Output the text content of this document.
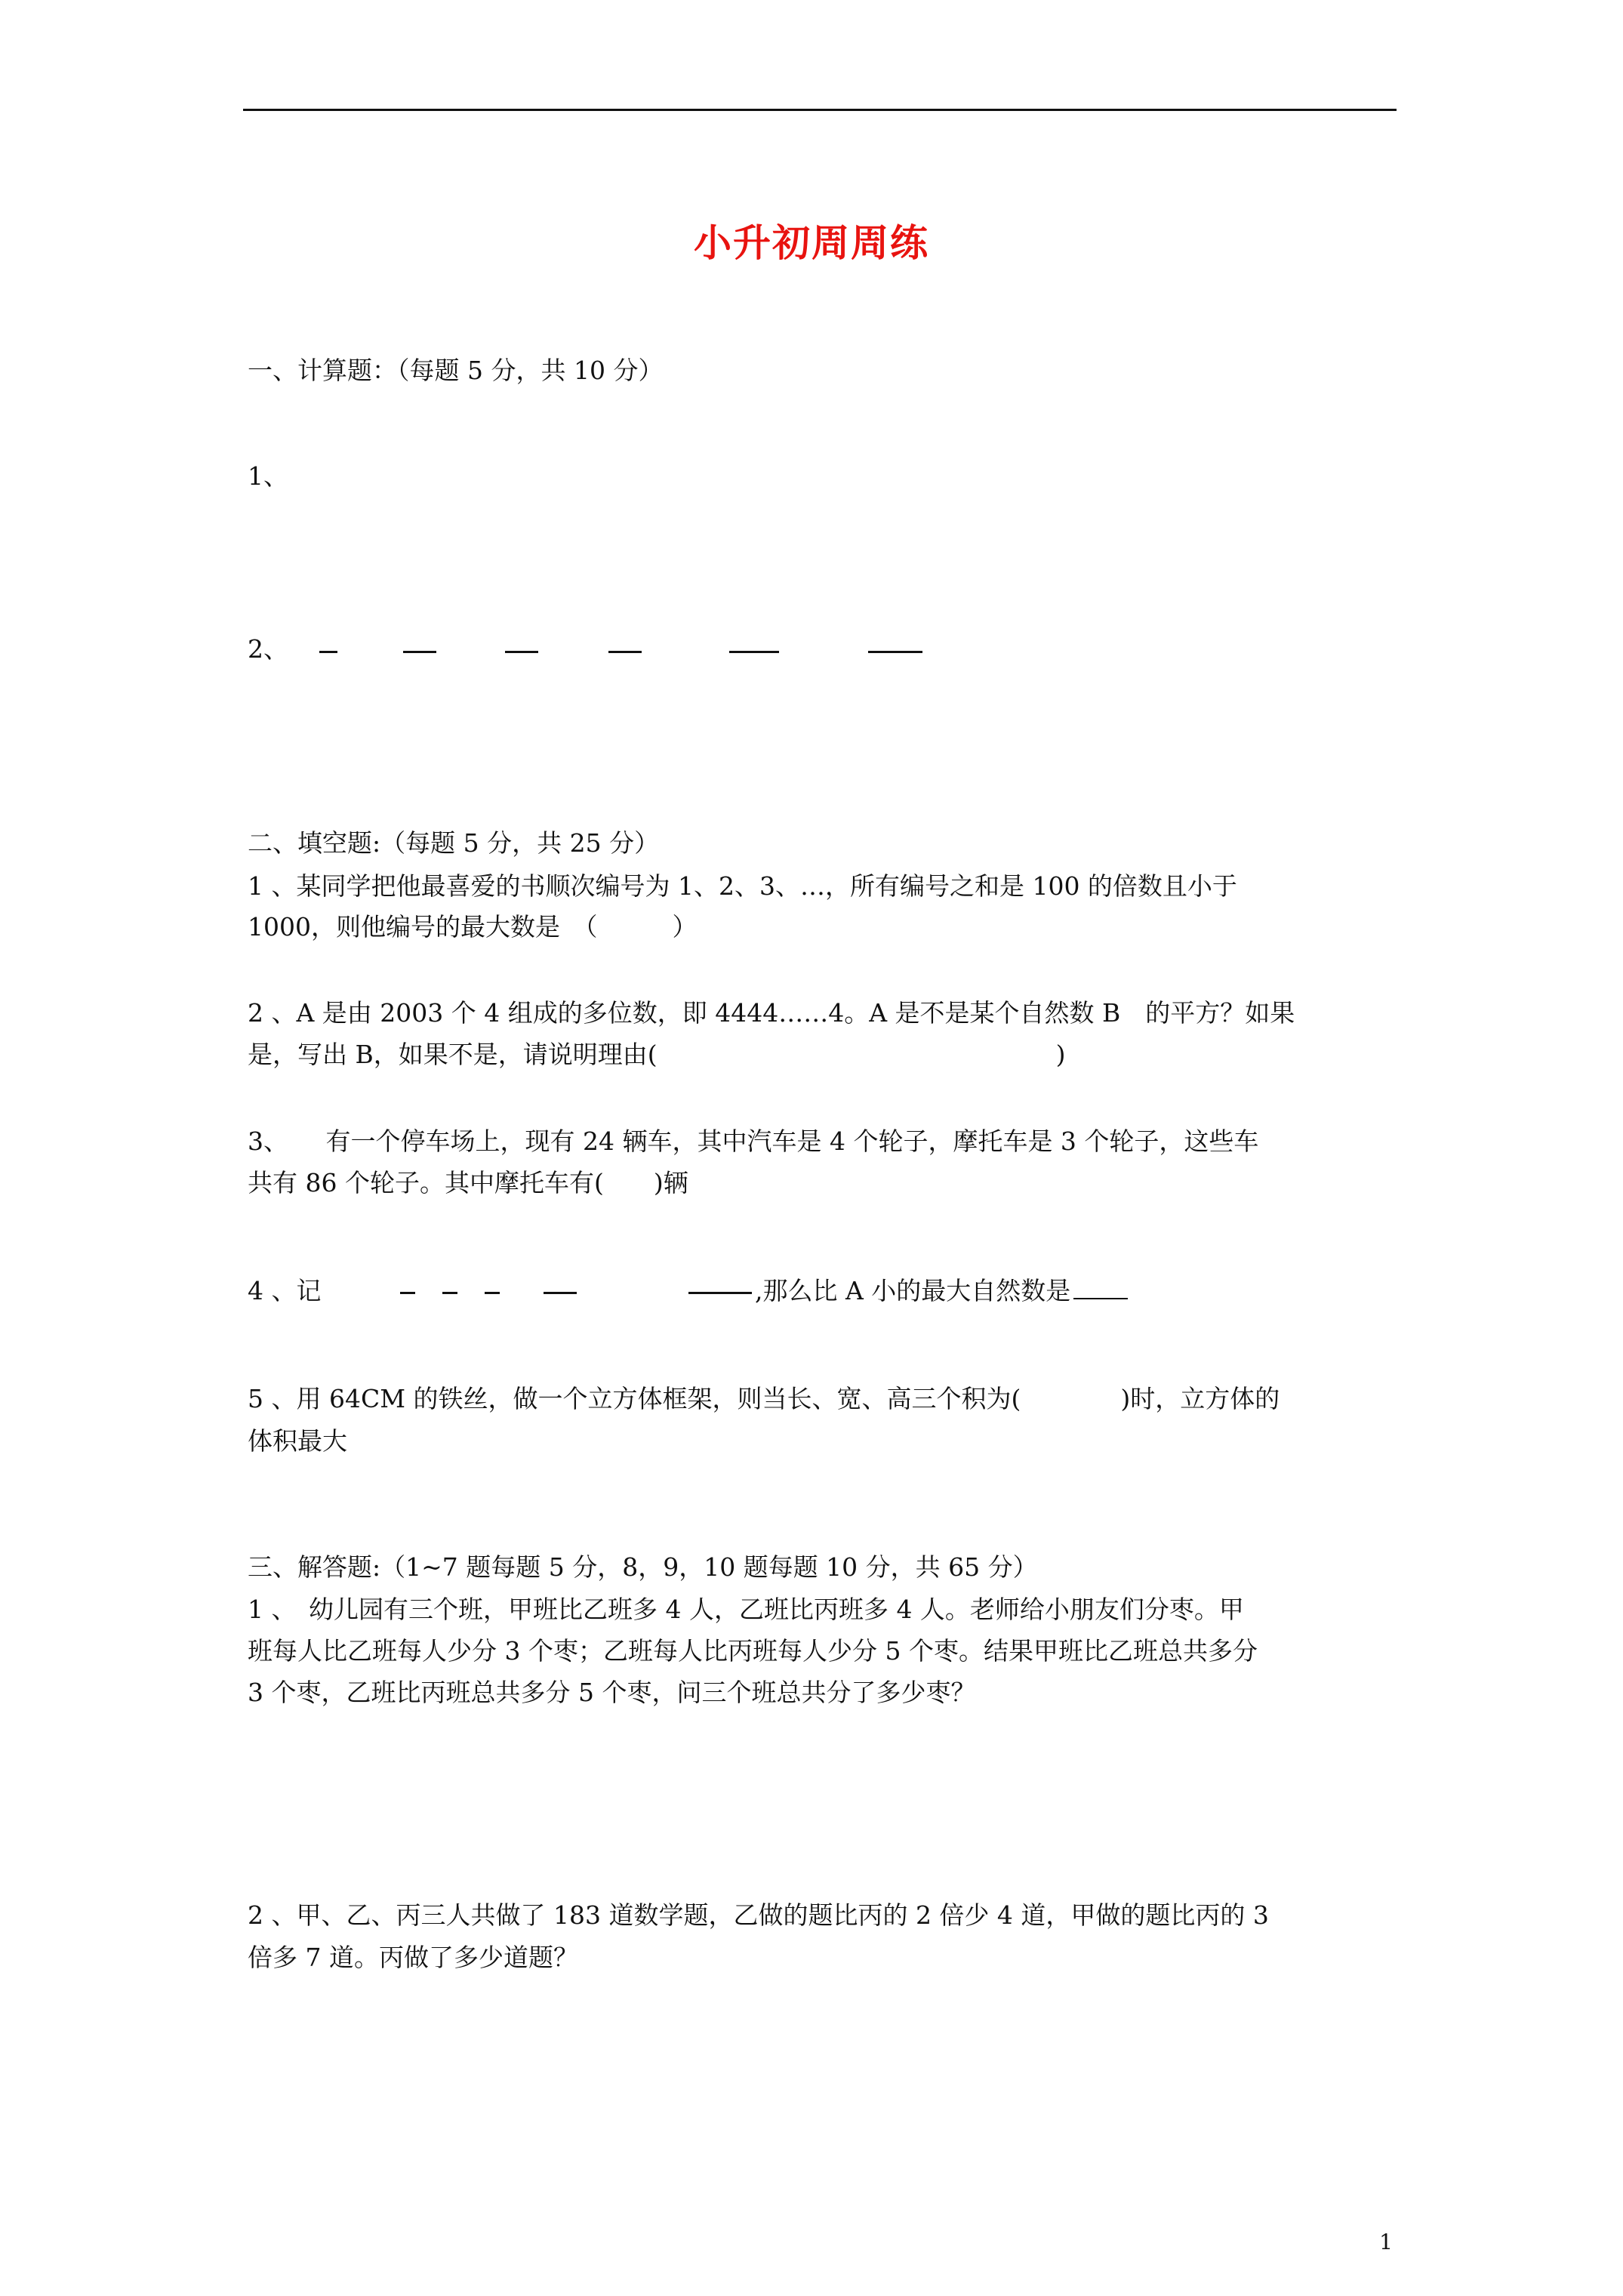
小升初周周练
一、计算题：（每题 5 分，共 10 分）
1、
2、
二、填空题:（每题 5 分，共 25 分）
1 、某同学把他最喜爱的书顺次编号为 1、2、3、…，所有编号之和是 100 的倍数且小于
1000，则他编号的最大数是　（　　　）
2 、A 是由 2003 个 4 组成的多位数，即 4444……4。A 是不是某个自然数 B　的平方？如果
是，写出 B，如果不是，请说明理由(　　　　　　　　　　　　　　　　)
3、　　有一个停车场上，现有 24 辆车，其中汽车是 4 个轮子，摩托车是 3 个轮子，这些车
共有 86 个轮子。其中摩托车有(　　)辆
4 、记	,那么比 A 小的最大自然数是
5 、用 64CM 的铁丝，做一个立方体框架，则当长、宽、高三个积为(　　　　)时，立方体的
体积最大
三、解答题:（1~7 题每题 5 分，8，9，10 题每题 10 分，共 65 分）
1 、　幼儿园有三个班，甲班比乙班多 4 人，乙班比丙班多 4 人。老师给小朋友们分枣。甲
班每人比乙班每人少分 3 个枣；乙班每人比丙班每人少分 5 个枣。结果甲班比乙班总共多分
3 个枣，乙班比丙班总共多分 5 个枣，问三个班总共分了多少枣？
2 、甲、乙、丙三人共做了 183 道数学题，乙做的题比丙的 2 倍少 4 道，甲做的题比丙的 3
倍多 7 道。丙做了多少道题？
1
